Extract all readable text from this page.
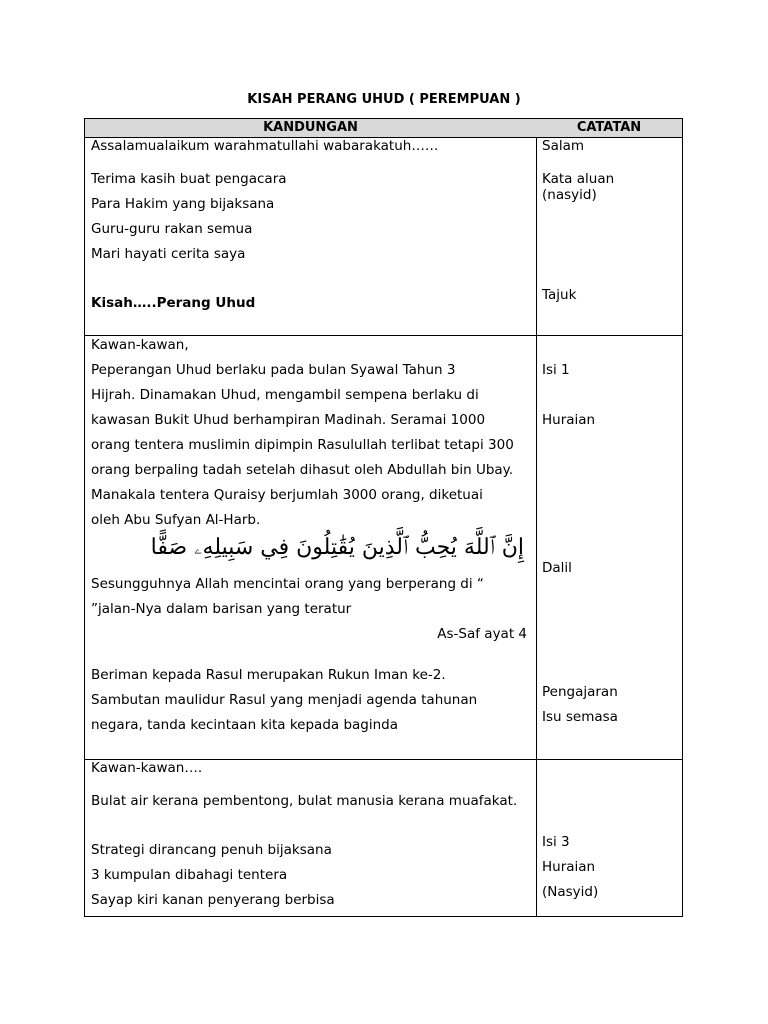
KISAH PERANG UHUD ( PEREMPUAN )
KANDUNGAN	CATATAN
Assalamualaikum warahmatullahi wabarakatuh……
Terima kasih buat pengacara
Para Hakim yang bijaksana
Guru-guru rakan semua
Mari hayati cerita saya
Kisah…..Perang Uhud
Salam
Kata aluan
(nasyid)
Tajuk
Kawan-kawan,
Peperangan Uhud berlaku pada bulan Syawal Tahun 3
Hijrah. Dinamakan Uhud, mengambil sempena berlaku di
kawasan Bukit Uhud berhampiran Madinah. Seramai 1000
orang tentera muslimin dipimpin Rasulullah terlibat tetapi 300
orang berpaling tadah setelah dihasut oleh Abdullah bin Ubay.
Manakala tentera Quraisy berjumlah 3000 orang, diketuai
oleh Abu Sufyan Al-Harb.
إِنَّ ٱللَّهَ يُحِبُّ ٱلَّذِينَ يُقَٰتِلُونَ فِي سَبِيلِهِۦ صَفًّا
Sesungguhnya Allah mencintai orang yang berperang di “
”jalan-Nya dalam barisan yang teratur
As-Saf ayat 4
Beriman kepada Rasul merupakan Rukun Iman ke-2.
Sambutan maulidur Rasul yang menjadi agenda tahunan
negara, tanda kecintaan kita kepada baginda
Isi 1
Huraian
Dalil
Pengajaran
Isu semasa
Kawan-kawan….
Bulat air kerana pembentong, bulat manusia kerana muafakat.
Strategi dirancang penuh bijaksana
3 kumpulan dibahagi tentera
Sayap kiri kanan penyerang berbisa
Isi 3
Huraian
(Nasyid)
